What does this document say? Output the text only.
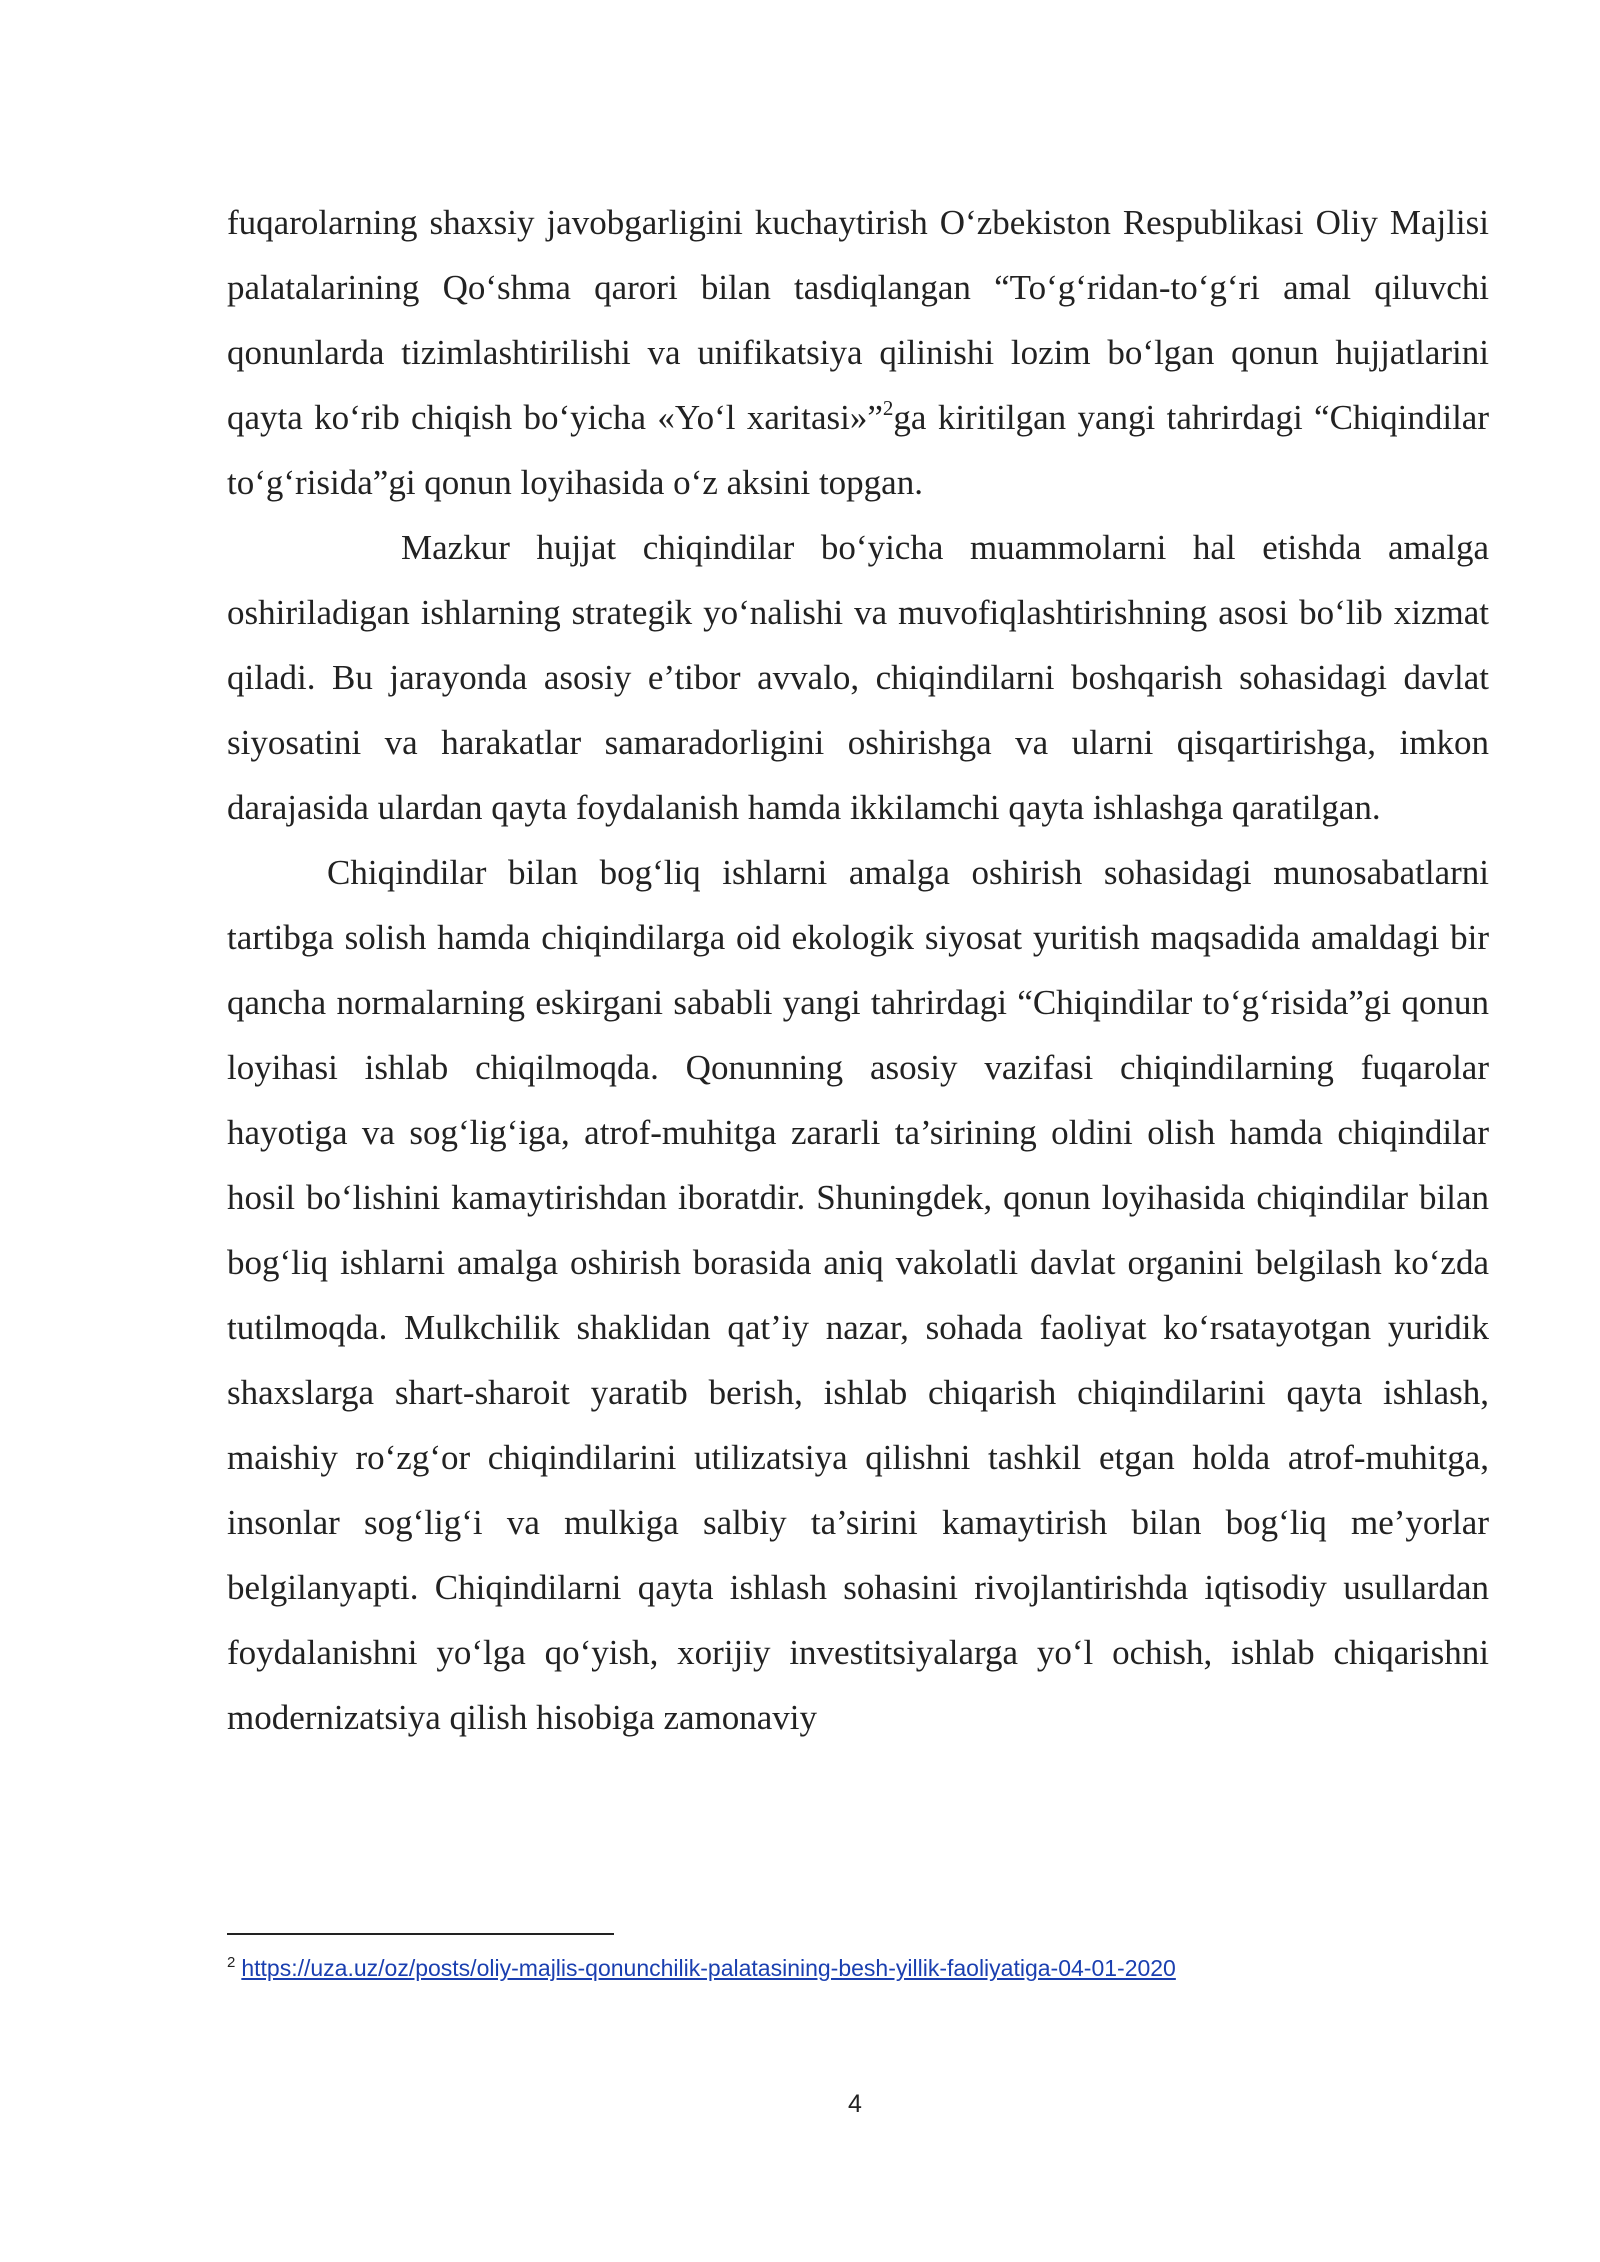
fuqarolarning shaxsiy javobgarligini kuchaytirish O‘zbekiston Respublikasi Oliy Majlisi palatalarining Qo‘shma qarori bilan tasdiqlangan “To‘g‘ridan-to‘g‘ri amal qiluvchi qonunlarda tizimlashtirilishi va unifikatsiya qilinishi lozim bo‘lgan qonun hujjatlarini qayta ko‘rib chiqish bo‘yicha «Yo‘l xaritasi»”$^2$ga kiritilgan yangi tahrirdagi “Chiqindilar to‘g‘risida”gi qonun loyihasida o‘z aksini topgan.

Mazkur hujjat chiqindilar bo‘yicha muammolarni hal etishda amalga oshiriladigan ishlarning strategik yo‘nalishi va muvofiqlashtirishning asosi bo‘lib xizmat qiladi. Bu jarayonda asosiy e’tibor avvalo, chiqindilarni boshqarish sohasidagi davlat siyosatini va harakatlar samaradorligini oshirishga va ularni qisqartirishga, imkon darajasida ulardan qayta foydalanish hamda ikkilamchi qayta ishlashga qaratilgan.

Chiqindilar bilan bog‘liq ishlarni amalga oshirish sohasidagi munosabatlarni tartibga solish hamda chiqindilarga oid ekologik siyosat yuritish maqsadida amaldagi bir qancha normalarning eskirgani sababli yangi tahrirdagi “Chiqindilar to‘g‘risida”gi qonun loyihasi ishlab chiqilmoqda. Qonunning asosiy vazifasi chiqindilarning fuqarolar hayotiga va sog‘lig‘iga, atrof-muhitga zararli ta’sirining oldini olish hamda chiqindilar hosil bo‘lishini kamaytirishdan iboratdir. Shuningdek, qonun loyihasida chiqindilar bilan bog‘liq ishlarni amalga oshirish borasida aniq vakolatli davlat organini belgilash ko‘zda tutilmoqda. Mulkchilik shaklidan qat’iy nazar, sohada faoliyat ko‘rsatayotgan yuridik shaxslarga shart-sharoit yaratib berish, ishlab chiqarish chiqindilarini qayta ishlash, maishiy ro‘zg‘or chiqindilarini utilizatsiya qilishni tashkil etgan holda atrof-muhitga, insonlar sog‘lig‘i va mulkiga salbiy ta’sirini kamaytirish bilan bog‘liq me’yorlar belgilanyapti. Chiqindilarni qayta ishlash sohasini rivojlantirishda iqtisodiy usullardan foydalanishni yo‘lga qo‘yish, xorijiy investitsiyalarga yo‘l ochish, ishlab chiqarishni modernizatsiya qilish hisobiga zamonaviy

$^2$ https://uza.uz/oz/posts/oliy-majlis-qonunchilik-palatasining-besh-yillik-faoliyatiga-04-01-2020
4
